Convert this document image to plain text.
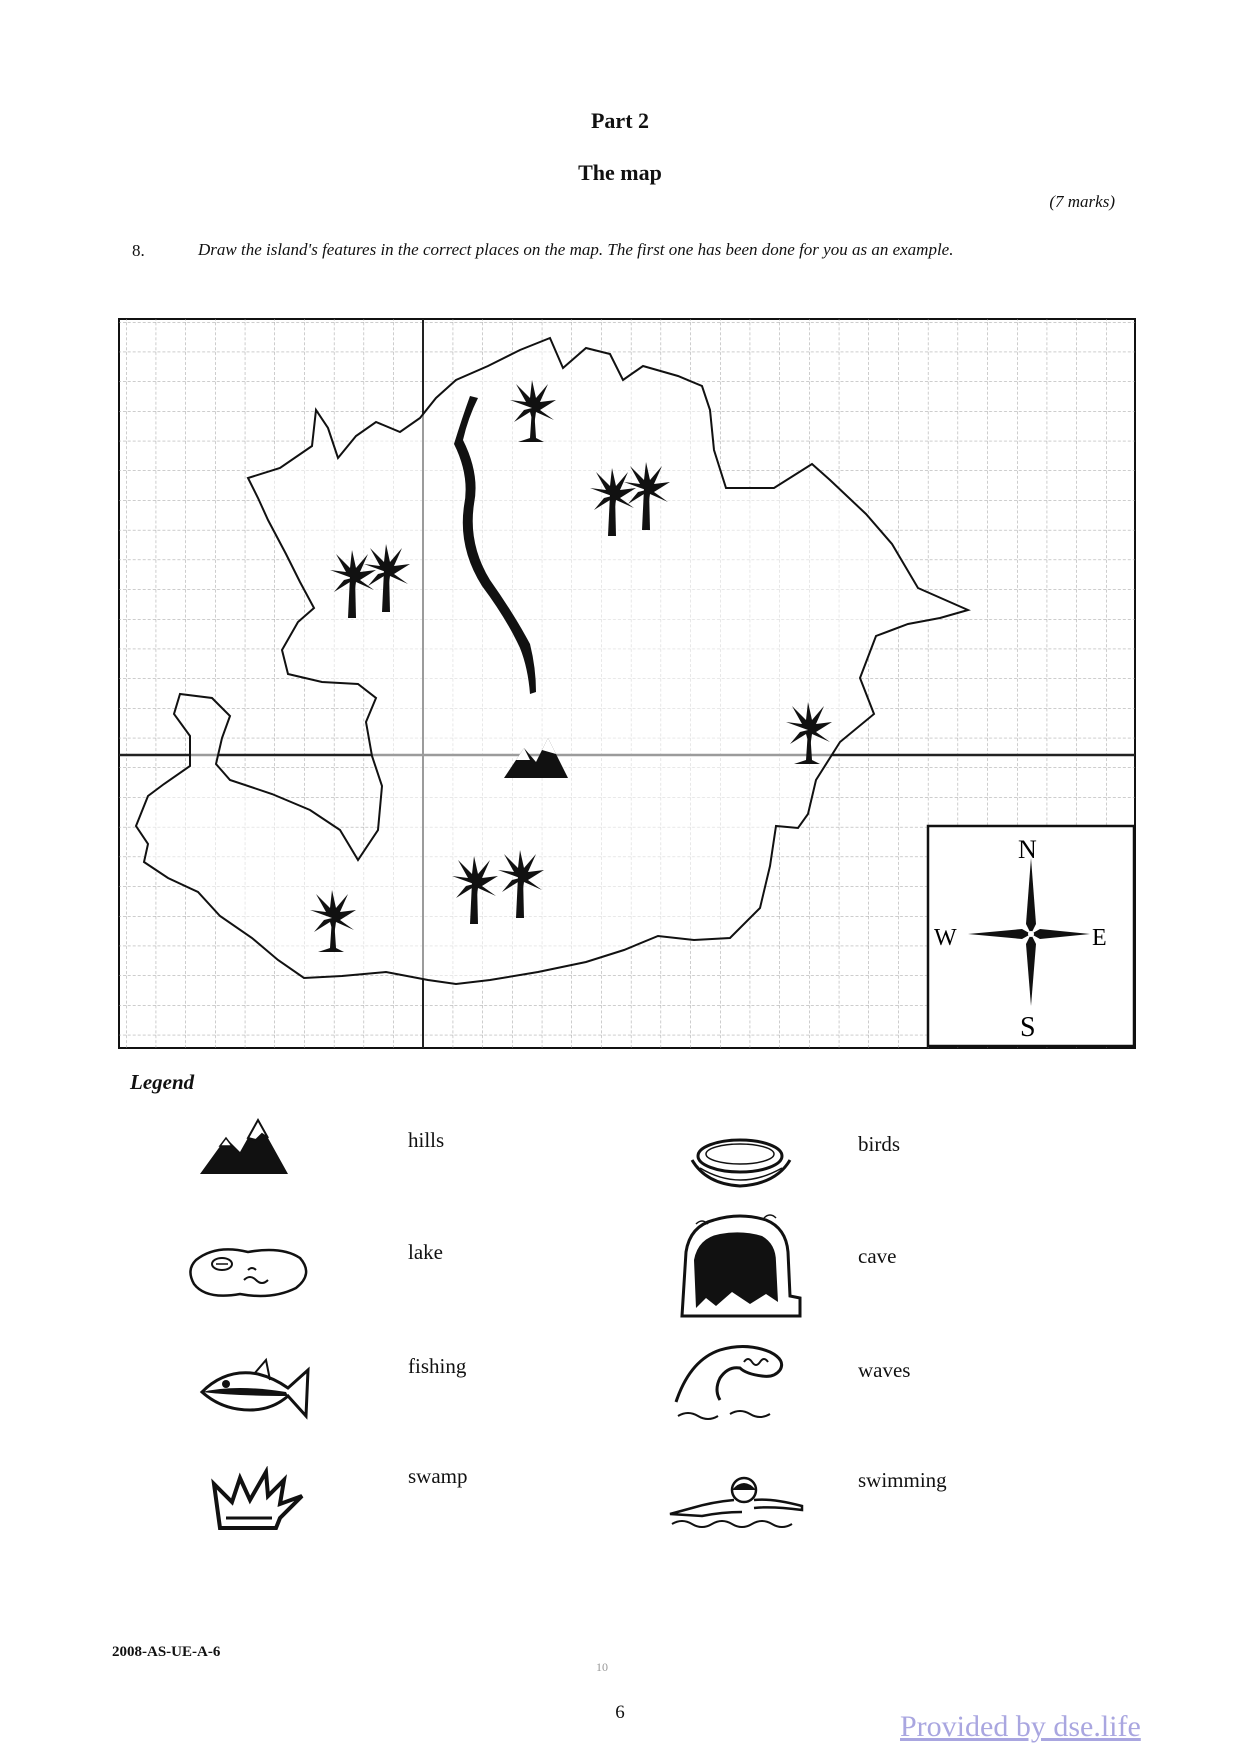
Part 2
The map
(7 marks)
8.	Draw the island's features in the correct places on the map. The first one has been done for you as an example.
N
S
E
W
Legend
hills
lake
fishing
swamp
birds
cave
waves
swimming
2008-AS-UE-A-6
10
6	Provided by dse.life
